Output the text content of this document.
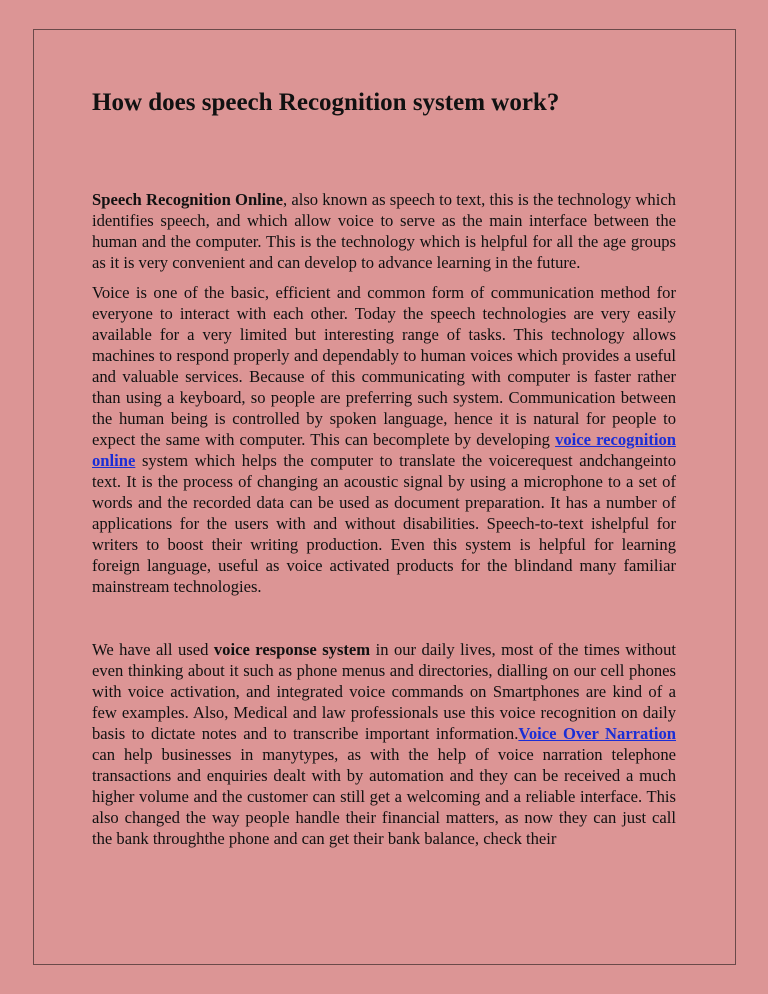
How does speech Recognition system work?

Speech Recognition Online, also known as speech to text, this is the technology which identifies speech, and which allow voice to serve as the main interface between the human and the computer. This is the technology which is helpful for all the age groups as it is very convenient and can develop to advance learning in the future.

Voice is one of the basic, efficient and common form of communication method for everyone to interact with each other. Today the speech technologies are very easily available for a very limited but interesting range of tasks. This technology allows machines to respond properly and dependably to human voices which provides a useful and valuable services. Because of this communicating with computer is faster rather than using a keyboard, so people are preferring such system. Communication between the human being is controlled by spoken language, hence it is natural for people to expect the same with computer. This can becomplete by developing voice recognition online system which helps the computer to translate the voicerequest andchangeinto text. It is the process of changing an acoustic signal by using a microphone to a set of words and the recorded data can be used as document preparation. It has a number of applications for the users with and without disabilities. Speech-to-text ishelpful for writers to boost their writing production. Even this system is helpful for learning foreign language, useful as voice activated products for the blindand many familiar mainstream technologies.

We have all used voice response system in our daily lives, most of the times without even thinking about it such as phone menus and directories, dialling on our cell phones with voice activation, and integrated voice commands on Smartphones are kind of a few examples. Also, Medical and law professionals use this voice recognition on daily basis to dictate notes and to transcribe important information.Voice Over Narration can help businesses in manytypes, as with the help of voice narration telephone transactions and enquiries dealt with by automation and they can be received a much higher volume and the customer can still get a welcoming and a reliable interface. This also changed the way people handle their financial matters, as now they can just call the bank throughthe phone and can get their bank balance, check their
